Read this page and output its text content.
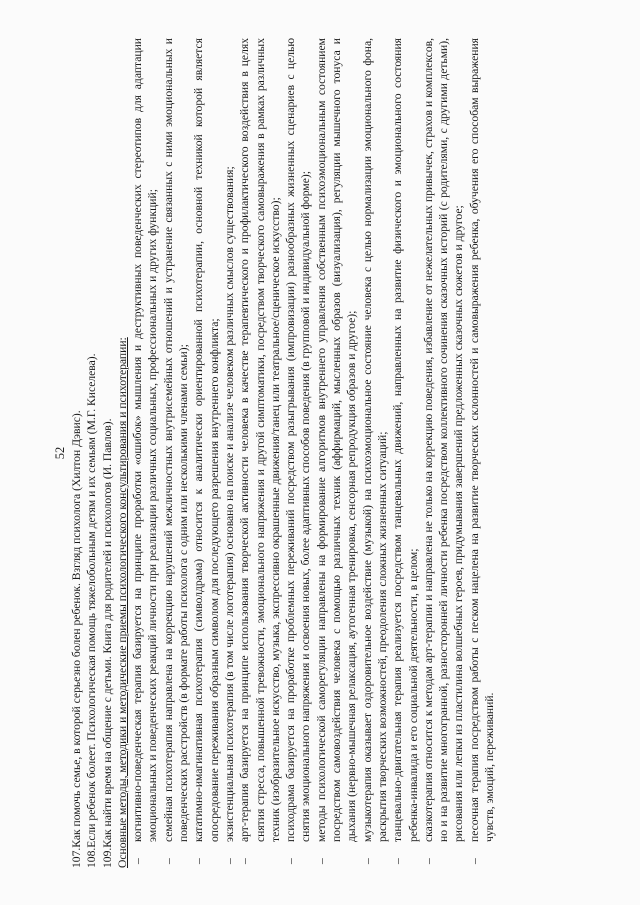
52 107.Как помочь семье, в которой серьезно болен ребенок. Взгляд психолога (Хилтон Дэвис). 108.Если ребенок болеет. Психологическая помощь тяжелобольным детям и их семьям (М.Г. Киселева). 109.Как найти время на общение с детьми. Книга для родителей и психологов (И. Павлов). Основные методы, методики и методические приемы психологического консультирования и психотерапии: –
когнитивно-поведенческая терапия базируется на принципе проработки «ошибок» мышления и деструктивных поведенческих стереотипов для адаптации эмоциональных и поведенческих реакций личности при реализации различных социальных, профессиональных и других функций;
–
семейная психотерапия направлена на коррекцию нарушений межличностных внутрисемейных отношений и устранение связанных с ними эмоциональных и поведенческих расстройств (в формате работы психолога с одним или несколькими членами семьи);
–
кататимно-имагинативная психотерапия (символдрама) относится к аналитически ориентированной психотерапии, основной техникой которой является опосредование переживания образным символом для последующего разрешения внутреннего конфликта;
–
экзистенциальная психотерапия (в том числе логотерапия) основано на поиске и анализе человеком различных смыслов существования;
–
арт-терапия базируется на принципе использования творческой активности человека в качестве терапевтического и профилактического воздействия в целях снятия стресса, повышенной тревожности, эмоционального напряжения и другой симптоматики, посредством творческого самовыражения в рамках различных техник (изобразительное искусство, музыка, экспрессивно окрашенные движения/танец или театральное/сценическое искусство);
–
психодрама базируется на проработке проблемных переживаний посредством разыгрывания (импровизации) разнообразных жизненных сценариев с целью снятия эмоционального напряжения и освоения новых, более адаптивных способов поведения (в групповой и индивидуальной форме);
–
методы психологической саморегуляции направлены на формирование алгоритмов внутреннего управления собственным психоэмоциональным состоянием посредством самовоздействия человека с помощью различных техник (аффирмаций, мысленных образов (визуализация), регуляции мышечного тонуса и дыхания (нервно-мышечная релаксация, аутогенная тренировка, сенсорная репродукция образов и другое);
–
музыкотерапия оказывает оздоровительное воздействие (музыкой) на психоэмоциональное состояние человека с целью нормализации эмоционального фона, раскрытия творческих возможностей, преодоления сложных жизненных ситуаций;
–
танцевально-двигательная терапия реализуется посредством танцевальных движений, направленных на развитие физического и эмоционального состояния ребенка-инвалида и его социальной деятельности, в целом;
–
сказкотерапия относится к методам арт-терапии и направлена не только на коррекцию поведения, избавление от нежелательных привычек, страхов и комплексов, но и на развитие многогранной, разносторонней личности ребенка посредством коллективного сочинения сказочных историй (с родителями, с другими детьми), рисования или лепки из пластилина волшебных героев, придумывания завершений предложенных сказочных сюжетов и другое;
–
песочная терапия посредством работы с песком нацелена на развитие творческих склонностей и самовыражения ребенка, обучения его способам выражения чувств, эмоций, переживаний.
